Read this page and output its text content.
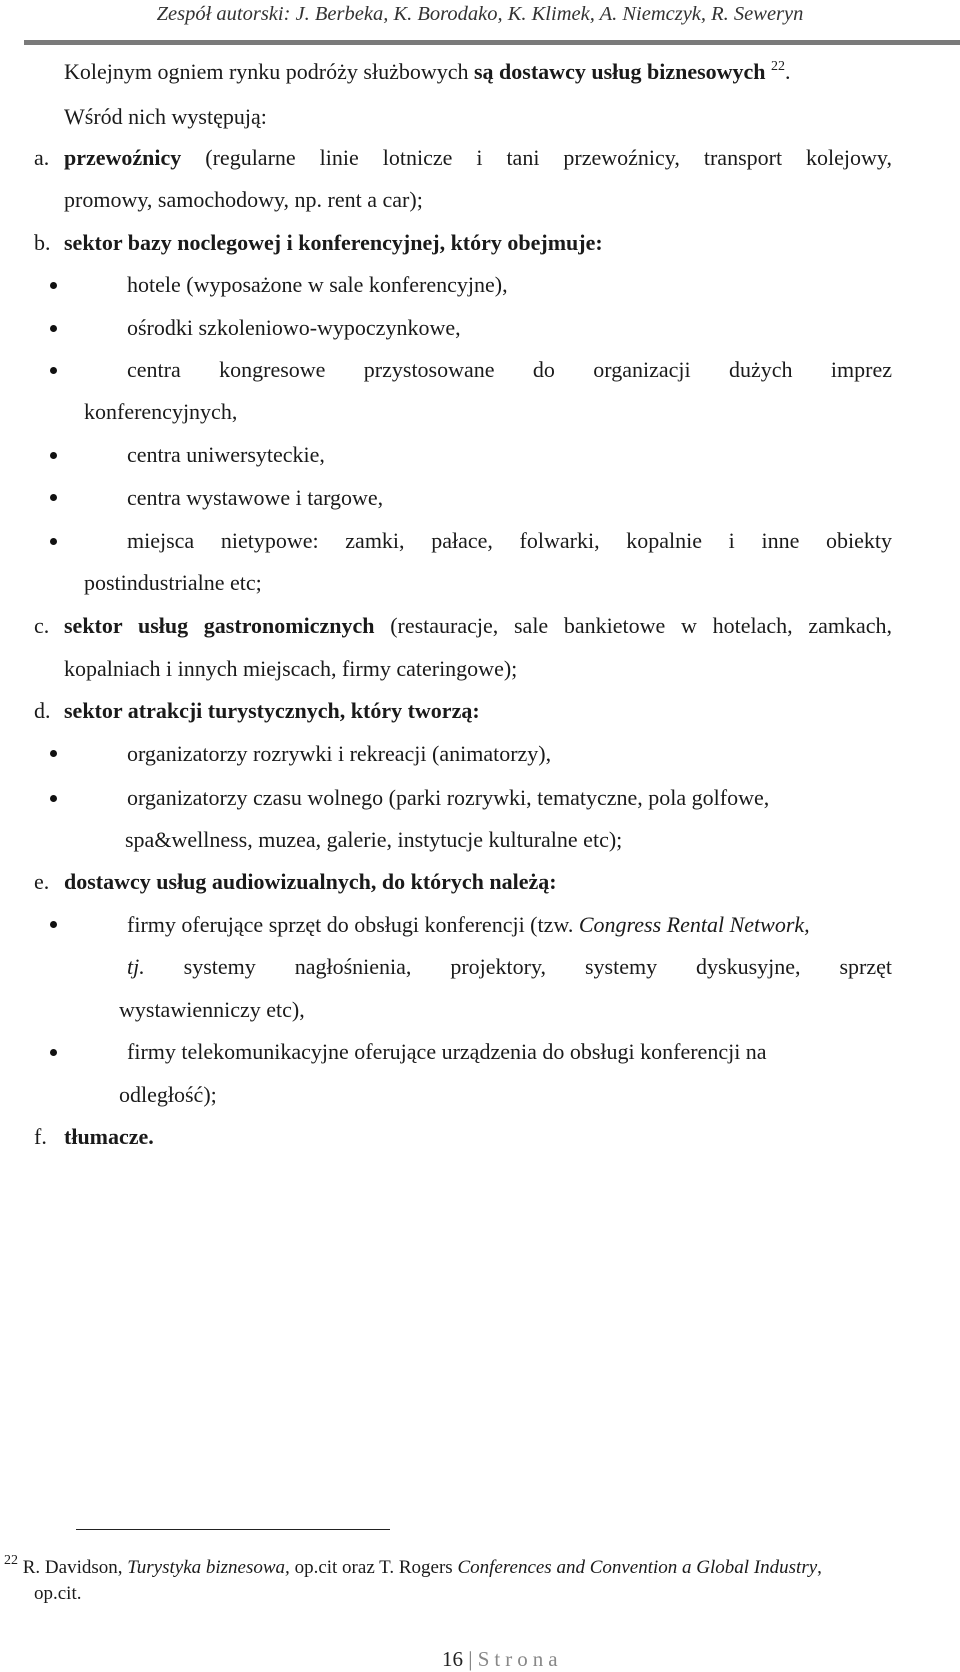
Zespół autorski: J. Berbeka, K. Borodako, K. Klimek, A. Niemczyk, R. Seweryn
Kolejnym ogniem rynku podróży służbowych są dostawcy usług biznesowych $^{22}$.
Wśród nich występują:
a. przewoźnicy (regularne linie lotnicze i tani przewoźnicy, transport kolejowy,
promowy, samochodowy, np. rent a car);
b. sektor bazy noclegowej i konferencyjnej, który obejmuje:
hotele (wyposażone w sale konferencyjne),
ośrodki szkoleniowo-wypoczynkowe,
centra kongresowe przystosowane do organizacji dużych imprez
konferencyjnych,
centra uniwersyteckie,
centra wystawowe i targowe,
miejsca nietypowe: zamki, pałace, folwarki, kopalnie i inne obiekty
postindustrialne etc;
c. sektor usług gastronomicznych (restauracje, sale bankietowe w hotelach, zamkach,
kopalniach i innych miejscach, firmy cateringowe);
d. sektor atrakcji turystycznych, który tworzą:
organizatorzy rozrywki i rekreacji (animatorzy),
organizatorzy czasu wolnego (parki rozrywki, tematyczne, pola golfowe,
spa&wellness, muzea, galerie, instytucje kulturalne etc);
e. dostawcy usług audiowizualnych, do których należą:
firmy oferujące sprzęt do obsługi konferencji (tzw. Congress Rental Network,
tj. systemy nagłośnienia, projektory, systemy dyskusyjne, sprzęt
wystawienniczy etc),
firmy telekomunikacyjne oferujące urządzenia do obsługi konferencji na
odległość);
f. tłumacze.
$^{22}$ R. Davidson, Turystyka biznesowa, op.cit oraz T. Rogers Conferences and Convention a Global Industry,
op.cit.
16 | Strona
